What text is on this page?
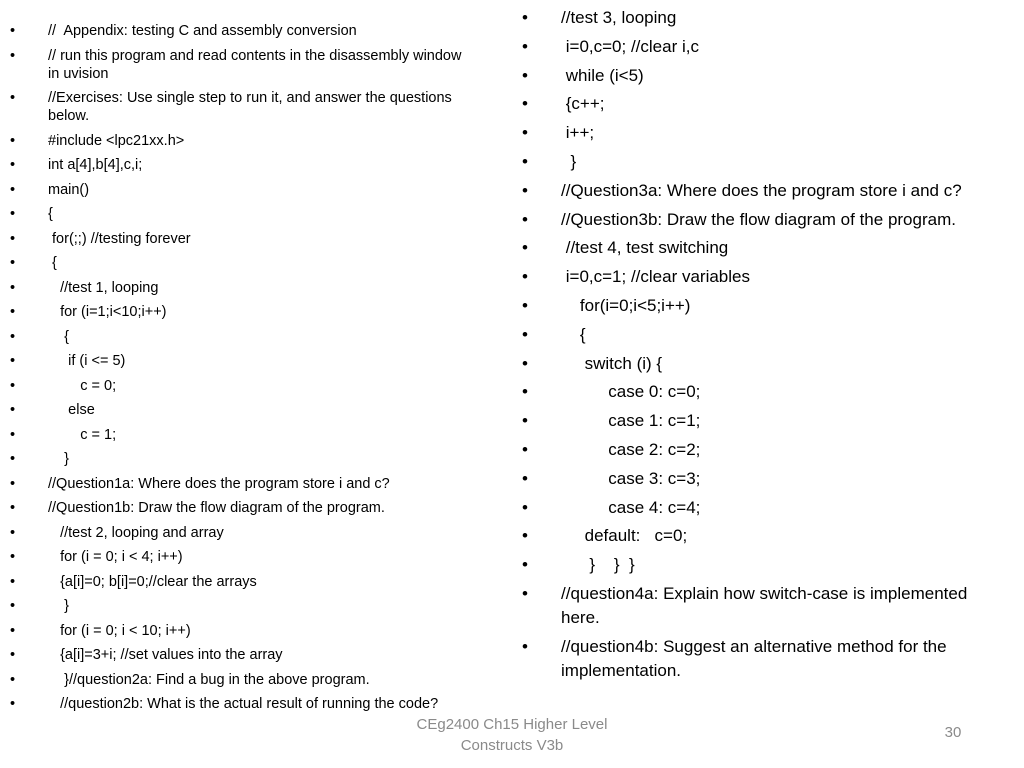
• //  Appendix: testing C and assembly conversion
• // run this program and read contents in the disassembly window in uvision
• //Exercises: Use single step to run it, and answer the questions below.
• #include <lpc21xx.h>
• int a[4],b[4],c,i;
• main()
• {
•  for(;;) //testing forever
•  {
•    //test 1, looping
•    for (i=1;i<10;i++)
•     {
•      if (i <= 5)
•         c = 0;
•      else
•         c = 1;
•     }
• //Question1a: Where does the program store i and c?
• //Question1b: Draw the flow diagram of the program.
•    //test 2, looping and array
•    for (i = 0; i < 4; i++)
•    {a[i]=0; b[i]=0;//clear the arrays
•     }
•    for (i = 0; i < 10; i++)
•    {a[i]=3+i; //set values into the array
•     }//question2a: Find a bug in the above program.
•    //question2b: What is the actual result of running the code?
• //test 3, looping
•  i=0,c=0; //clear i,c
•  while (i<5)
•  {c++;
•  i++;
•   }
• //Question3a: Where does the program store i and c?
• //Question3b: Draw the flow diagram of the program.
•  //test 4, test switching
•  i=0,c=1; //clear variables
•     for(i=0;i<5;i++)
•     {
•      switch (i) {
•           case 0: c=0;
•           case 1: c=1;
•           case 2: c=2;
•           case 3: c=3;
•           case 4: c=4;
•      default:   c=0;
•       }    }  }
• //question4a: Explain how switch-case is implemented here.
• //question4b: Suggest an alternative method for the implementation.
CEg2400 Ch15 Higher Level Constructs V3b
30
